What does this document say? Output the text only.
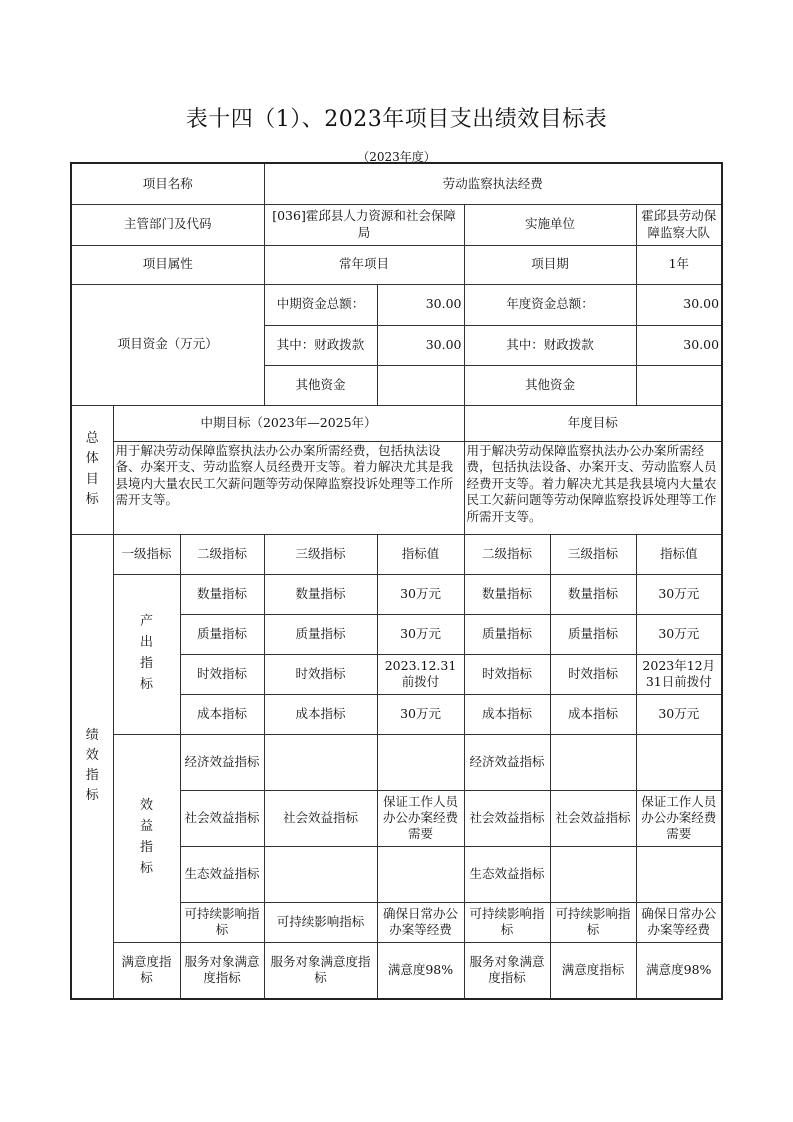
表十四（1）、2023年项目支出绩效目标表
（2023年度）
项目名称			劳动监察执法经费				
主管部门及代码			[036]霍邱县人力资源和社会保障局		实施单位		霍邱县劳动保障监察大队
项目属性			常年项目		项目期		1年
项目资金（万元）			中期资金总额：	30.00	年度资金总额：		30.00
			其中：财政拨款	30.00	其中：财政拨款		30.00
			其他资金		其他资金		
总体目标	中期目标（2023年—2025年）				年度目标		
	用于解决劳动保障监察执法办公办案所需经费，包括执法设备、办案开支、劳动监察人员经费开支等。着力解决尤其是我县境内大量农民工欠薪问题等劳动保障监察投诉处理等工作所需开支等。				用于解决劳动保障监察执法办公办案所需经费，包括执法设备、办案开支、劳动监察人员经费开支等。着力解决尤其是我县境内大量农民工欠薪问题等劳动保障监察投诉处理等工作所需开支等。		
绩效指标	一级指标	二级指标	三级指标	指标值	二级指标	三级指标	指标值
	产出指标	数量指标	数量指标	30万元	数量指标	数量指标	30万元
		质量指标	质量指标	30万元	质量指标	质量指标	30万元
		时效指标	时效指标	2023.12.31前拨付	时效指标	时效指标	2023年12月31日前拨付
		成本指标	成本指标	30万元	成本指标	成本指标	30万元
	效益指标	经济效益指标			经济效益指标		
		社会效益指标	社会效益指标	保证工作人员办公办案经费需要	社会效益指标	社会效益指标	保证工作人员办公办案经费需要
		生态效益指标			生态效益指标		
		可持续影响指标	可持续影响指标	确保日常办公办案等经费	可持续影响指标	可持续影响指标	确保日常办公办案等经费
	满意度指标	服务对象满意度指标	服务对象满意度指标	满意度98%	服务对象满意度指标	满意度指标	满意度98%
